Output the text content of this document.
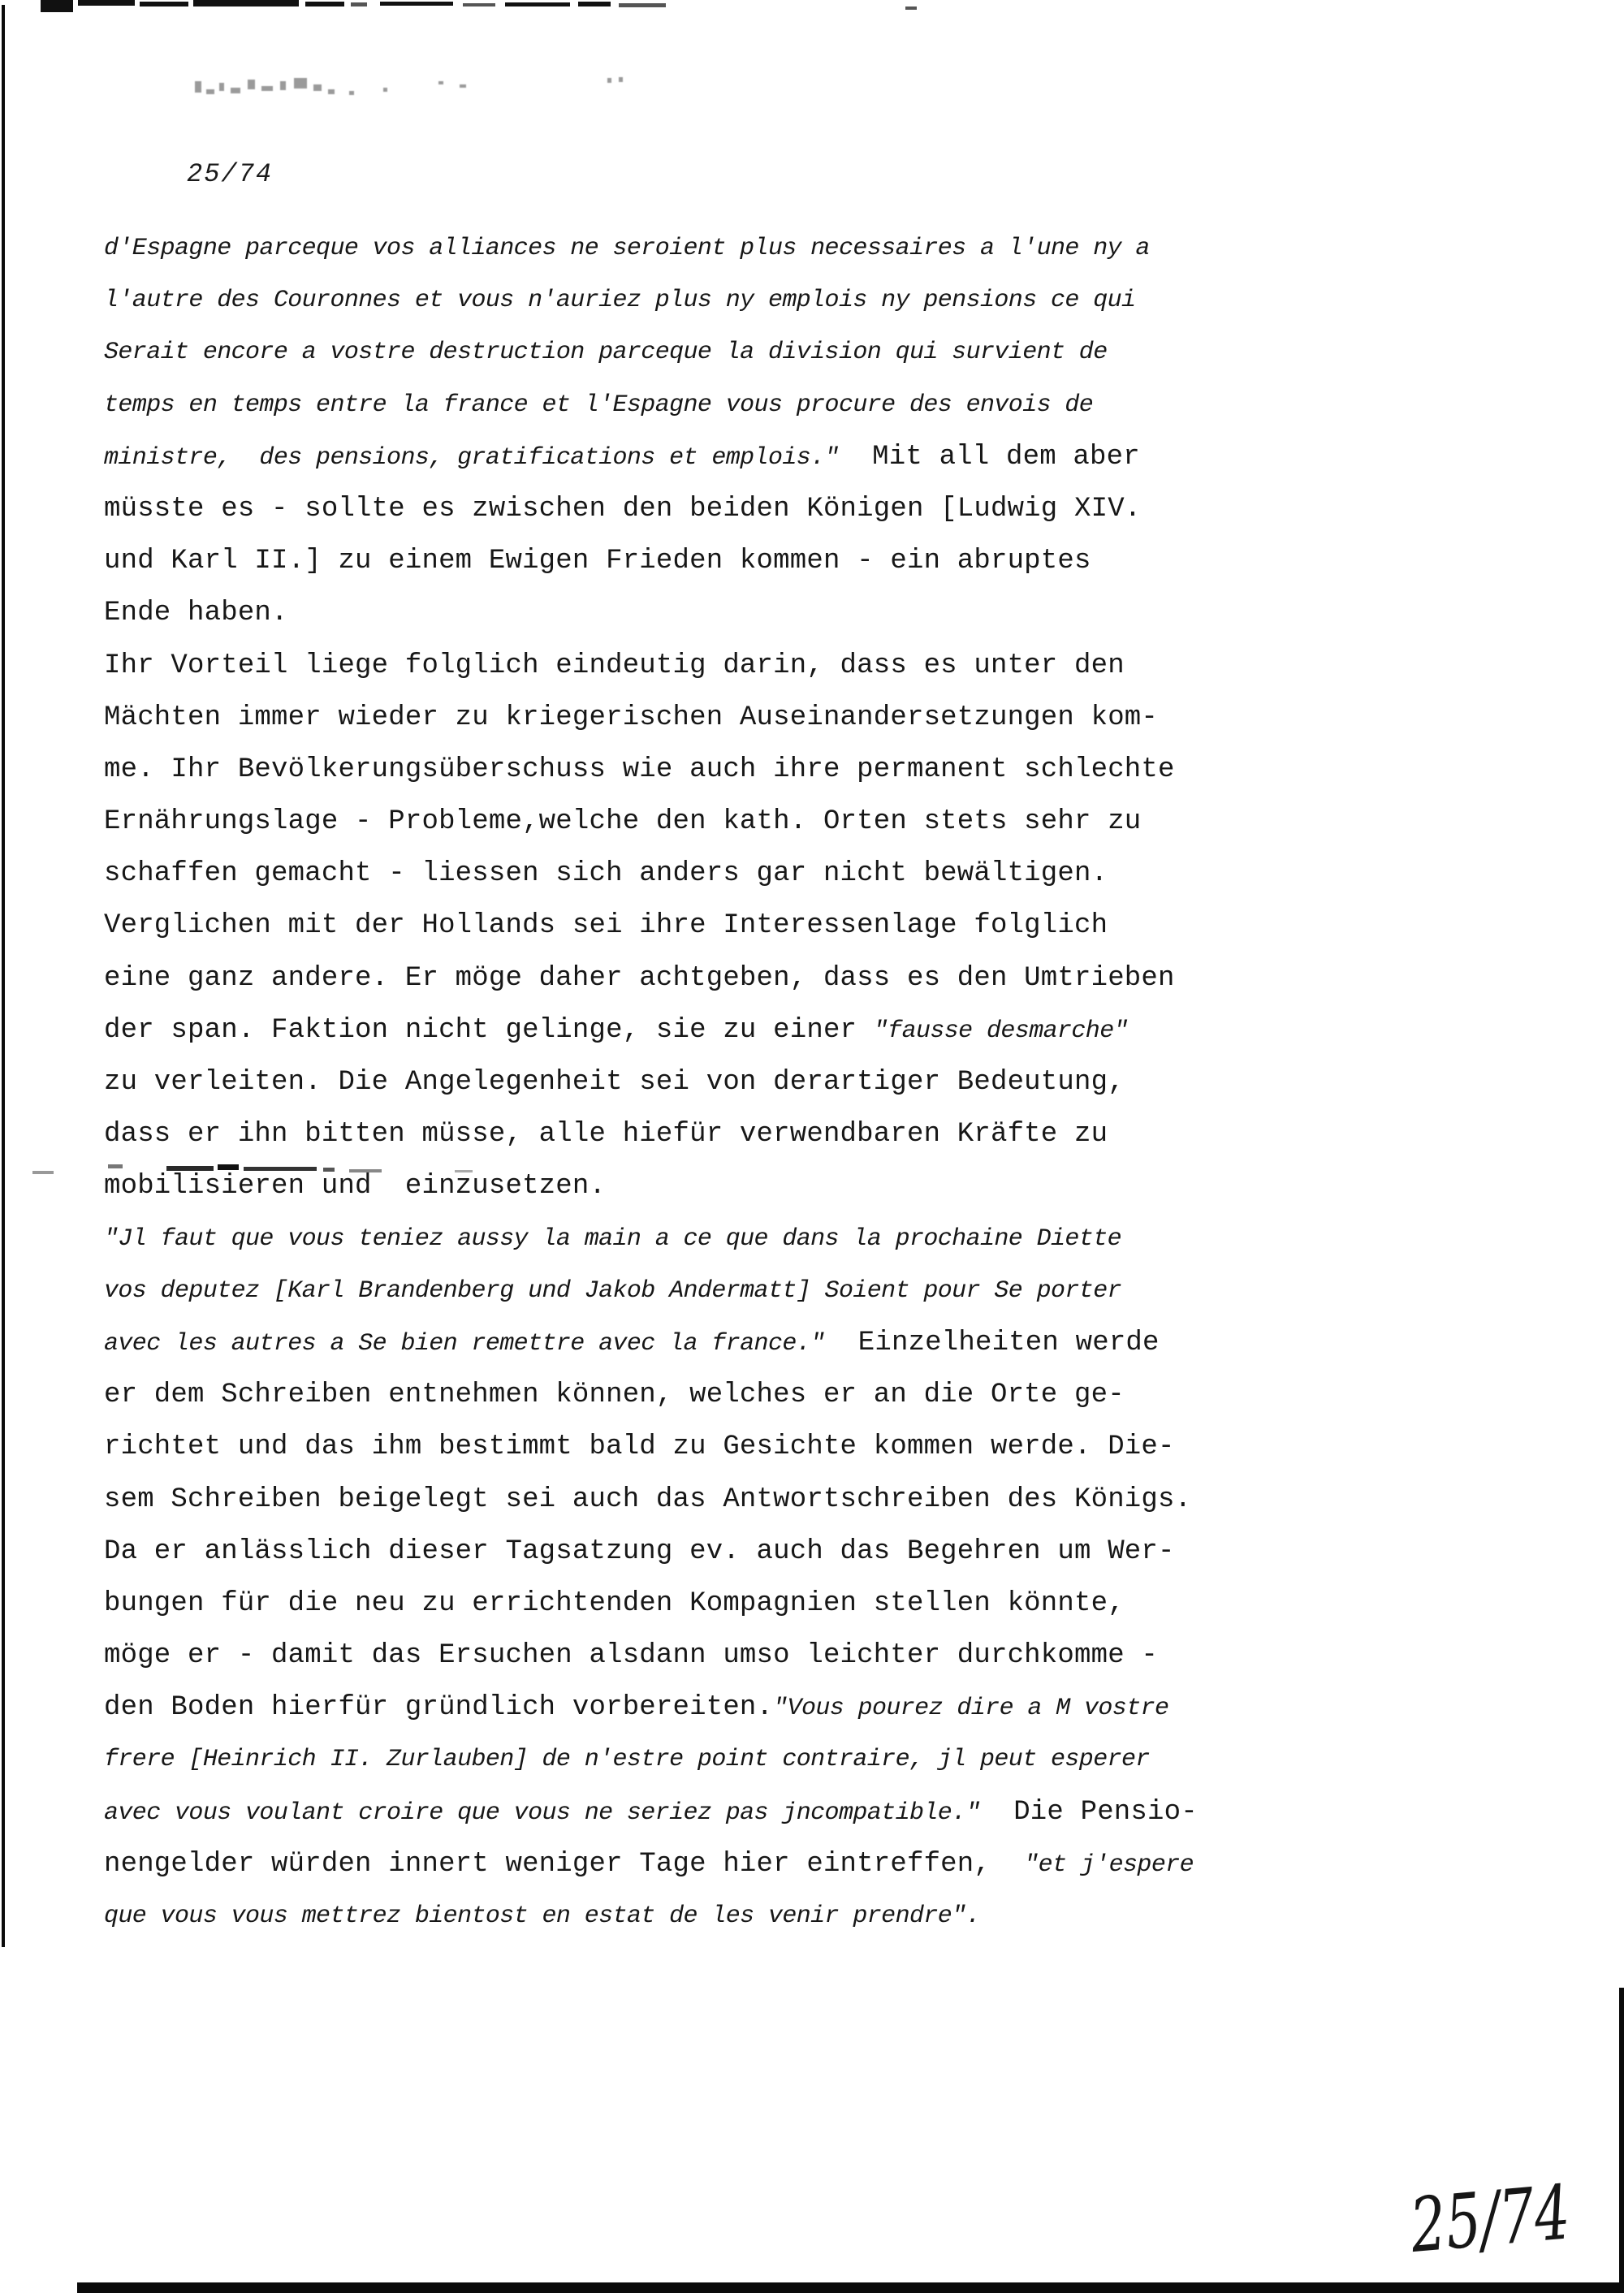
25/74
d'Espagne parceque vos alliances ne seroient plus necessaires a l'une ny a
l'autre des Couronnes et vous n'auriez plus ny emplois ny pensions ce qui
Serait encore a vostre destruction parceque la division qui survient de
temps en temps entre la france et l'Espagne vous procure des envois de
ministre,  des pensions, gratifications et emplois."  Mit all dem aber
müsste es - sollte es zwischen den beiden Königen [Ludwig XIV.
und Karl II.] zu einem Ewigen Frieden kommen - ein abruptes
Ende haben.
Ihr Vorteil liege folglich eindeutig darin, dass es unter den
Mächten immer wieder zu kriegerischen Auseinandersetzungen kom-
me. Ihr Bevölkerungsüberschuss wie auch ihre permanent schlechte
Ernährungslage - Probleme,welche den kath. Orten stets sehr zu
schaffen gemacht - liessen sich anders gar nicht bewältigen.
Verglichen mit der Hollands sei ihre Interessenlage folglich
eine ganz andere. Er möge daher achtgeben, dass es den Umtrieben
der span. Faktion nicht gelinge, sie zu einer "fausse desmarche"
zu verleiten. Die Angelegenheit sei von derartiger Bedeutung,
dass er ihn bitten müsse, alle hiefür verwendbaren Kräfte zu
mobilisieren und  einzusetzen.
"Jl faut que vous teniez aussy la main a ce que dans la prochaine Diette
vos deputez [Karl Brandenberg und Jakob Andermatt] Soient pour Se porter
avec les autres a Se bien remettre avec la france."  Einzelheiten werde
er dem Schreiben entnehmen können, welches er an die Orte ge-
richtet und das ihm bestimmt bald zu Gesichte kommen werde. Die-
sem Schreiben beigelegt sei auch das Antwortschreiben des Königs.
Da er anlässlich dieser Tagsatzung ev. auch das Begehren um Wer-
bungen für die neu zu errichtenden Kompagnien stellen könnte,
möge er - damit das Ersuchen alsdann umso leichter durchkomme -
den Boden hierfür gründlich vorbereiten."Vous pourez dire a M vostre
frere [Heinrich II. Zurlauben] de n'estre point contraire, jl peut esperer
avec vous voulant croire que vous ne seriez pas jncompatible."  Die Pensio-
nengelder würden innert weniger Tage hier eintreffen,  "et j'espere
que vous vous mettrez bientost en estat de les venir prendre".
25/74
